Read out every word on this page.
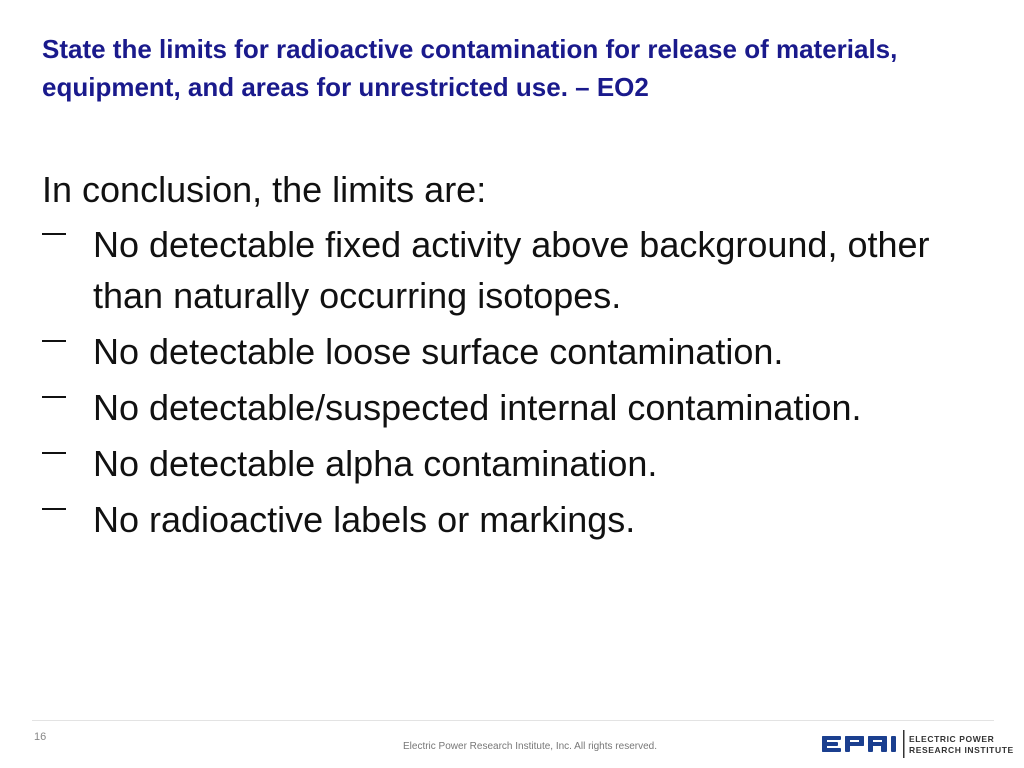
State the limits for radioactive contamination for release of materials, equipment, and areas for unrestricted use. – EO2

In conclusion, the limits are:

No detectable fixed activity above background, other than naturally occurring isotopes.
No detectable loose surface contamination.
No detectable/suspected internal contamination.
No detectable alpha contamination.
No radioactive labels or markings.
16
Electric Power Research Institute, Inc. All rights reserved.
ELECTRIC POWER
RESEARCH INSTITUTE
